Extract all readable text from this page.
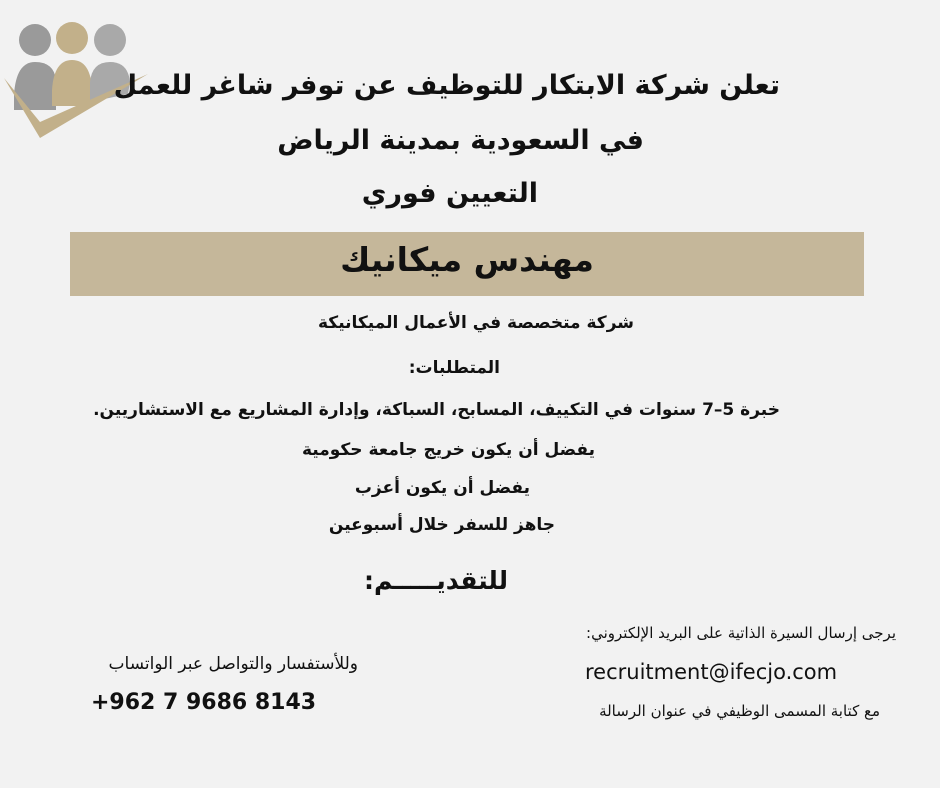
تعلن شركة الابتكار للتوظيف عن توفر شاغر للعمل
في السعودية بمدينة الرياض
التعيين فوري
مهندس ميكانيك
شركة متخصصة في الأعمال الميكانيكة
المتطلبات:
خبرة 5–7 سنوات في التكييف، المسابح، السباكة، وإدارة المشاريع مع الاستشاريين.
يفضل أن يكون خريج جامعة حكومية
يفضل أن يكون أعزب
جاهز للسفر خلال أسبوعين
للتقديـــــم:
يرجى إرسال السيرة الذاتية على البريد الإلكتروني:
recruitment@ifecjo.com
مع كتابة المسمى الوظيفي في عنوان الرسالة
وللأستفسار والتواصل عبر الواتساب
+962 7 9686 8143
